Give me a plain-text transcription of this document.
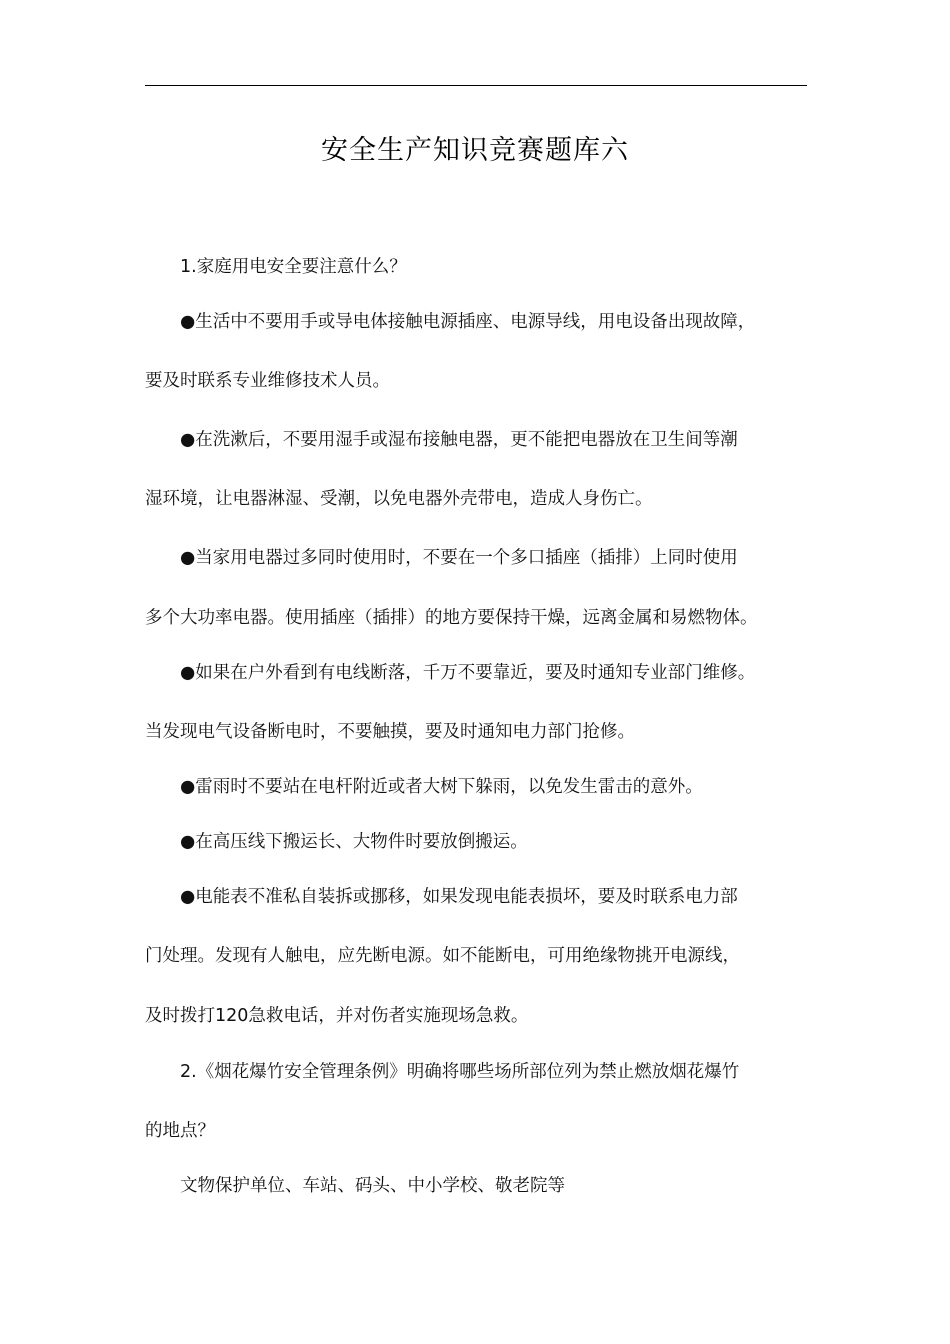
安全生产知识竞赛题库六
1.家庭用电安全要注意什么？
●生活中不要用手或导电体接触电源插座、电源导线，用电设备出现故障，
要及时联系专业维修技术人员。
●在洗漱后，不要用湿手或湿布接触电器，更不能把电器放在卫生间等潮
湿环境，让电器淋湿、受潮，以免电器外壳带电，造成人身伤亡。
●当家用电器过多同时使用时，不要在一个多口插座（插排）上同时使用
多个大功率电器。使用插座（插排）的地方要保持干燥，远离金属和易燃物体。
●如果在户外看到有电线断落，千万不要靠近，要及时通知专业部门维修。
当发现电气设备断电时，不要触摸，要及时通知电力部门抢修。
●雷雨时不要站在电杆附近或者大树下躲雨，以免发生雷击的意外。
●在高压线下搬运长、大物件时要放倒搬运。
●电能表不准私自装拆或挪移，如果发现电能表损坏，要及时联系电力部
门处理。发现有人触电，应先断电源。如不能断电，可用绝缘物挑开电源线，
及时拨打120急救电话，并对伤者实施现场急救。
2.《烟花爆竹安全管理条例》明确将哪些场所部位列为禁止燃放烟花爆竹
的地点？
文物保护单位、车站、码头、中小学校、敬老院等
